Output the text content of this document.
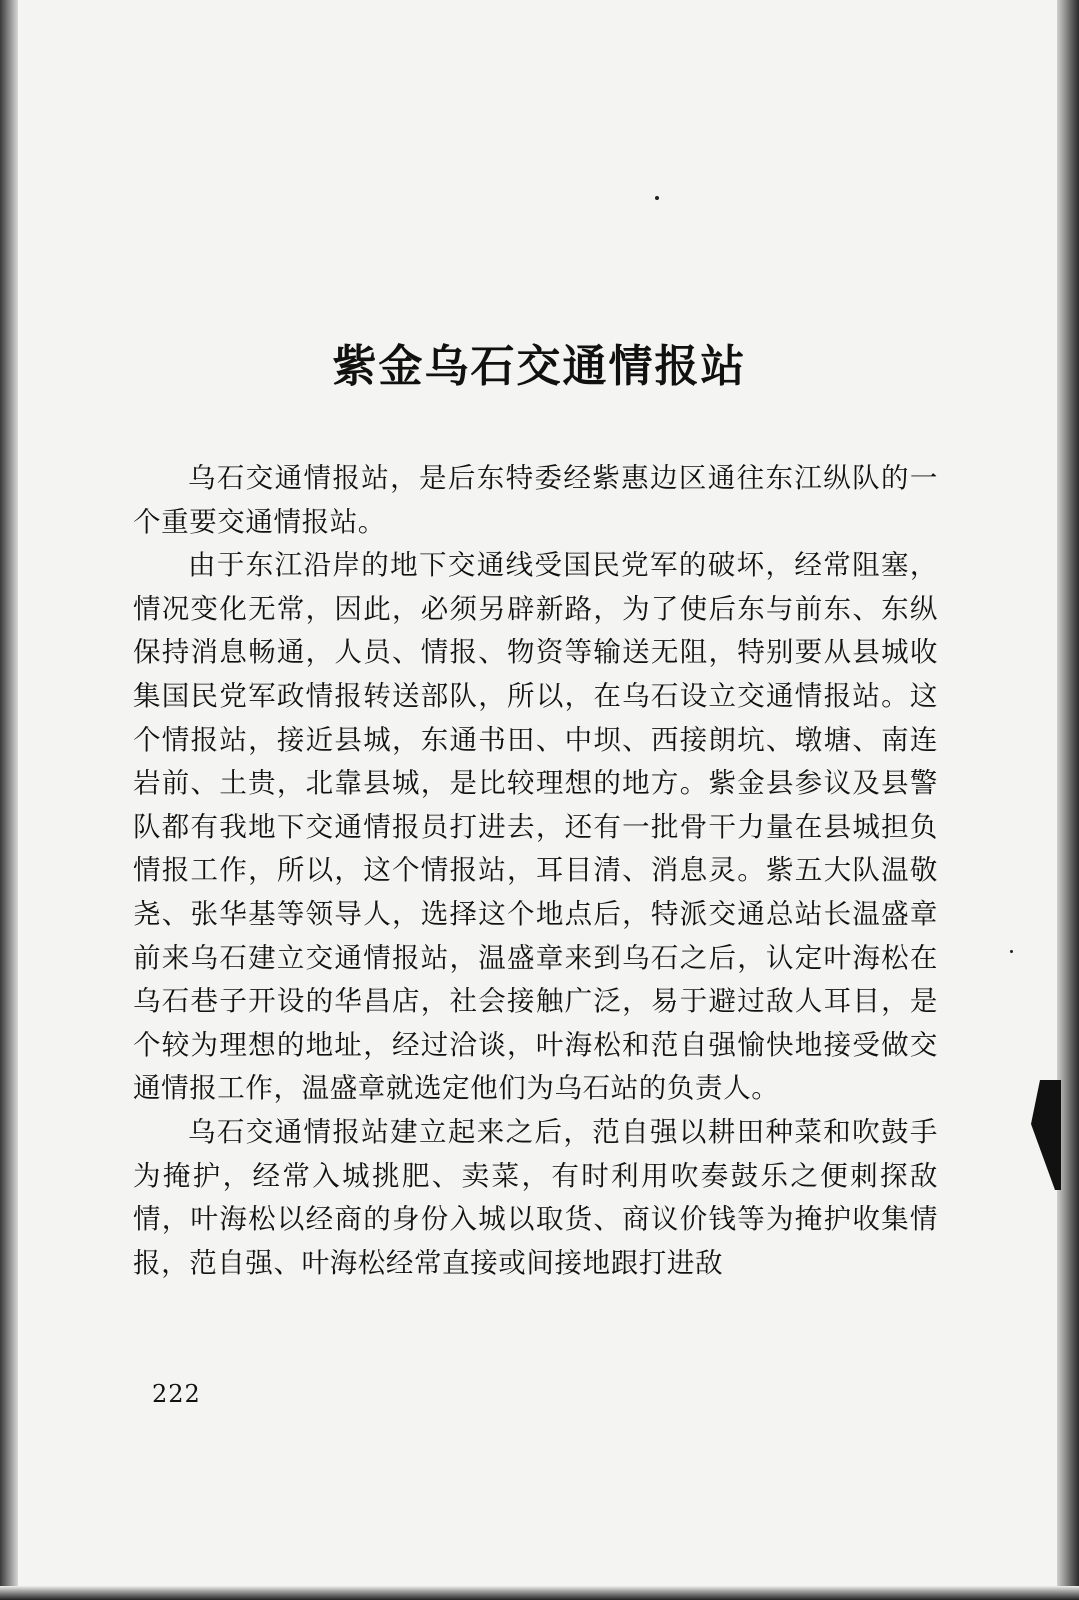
紫金乌石交通情报站

乌石交通情报站，是后东特委经紫惠边区通往东江纵队的一个重要交通情报站。

由于东江沿岸的地下交通线受国民党军的破坏，经常阻塞，情况变化无常，因此，必须另辟新路，为了使后东与前东、东纵保持消息畅通，人员、情报、物资等输送无阻，特别要从县城收集国民党军政情报转送部队，所以，在乌石设立交通情报站。这个情报站，接近县城，东通书田、中坝、西接朗坑、墩塘、南连岩前、土贵，北靠县城，是比较理想的地方。紫金县参议及县警队都有我地下交通情报员打进去，还有一批骨干力量在县城担负情报工作，所以，这个情报站，耳目清、消息灵。紫五大队温敬尧、张华基等领导人，选择这个地点后，特派交通总站长温盛章前来乌石建立交通情报站，温盛章来到乌石之后，认定叶海松在乌石巷子开设的华昌店，社会接触广泛，易于避过敌人耳目，是个较为理想的地址，经过洽谈，叶海松和范自强愉快地接受做交通情报工作，温盛章就选定他们为乌石站的负责人。

乌石交通情报站建立起来之后，范自强以耕田种菜和吹鼓手为掩护，经常入城挑肥、卖菜，有时利用吹奏鼓乐之便刺探敌情，叶海松以经商的身份入城以取货、商议价钱等为掩护收集情报，范自强、叶海松经常直接或间接地跟打进敌

222
